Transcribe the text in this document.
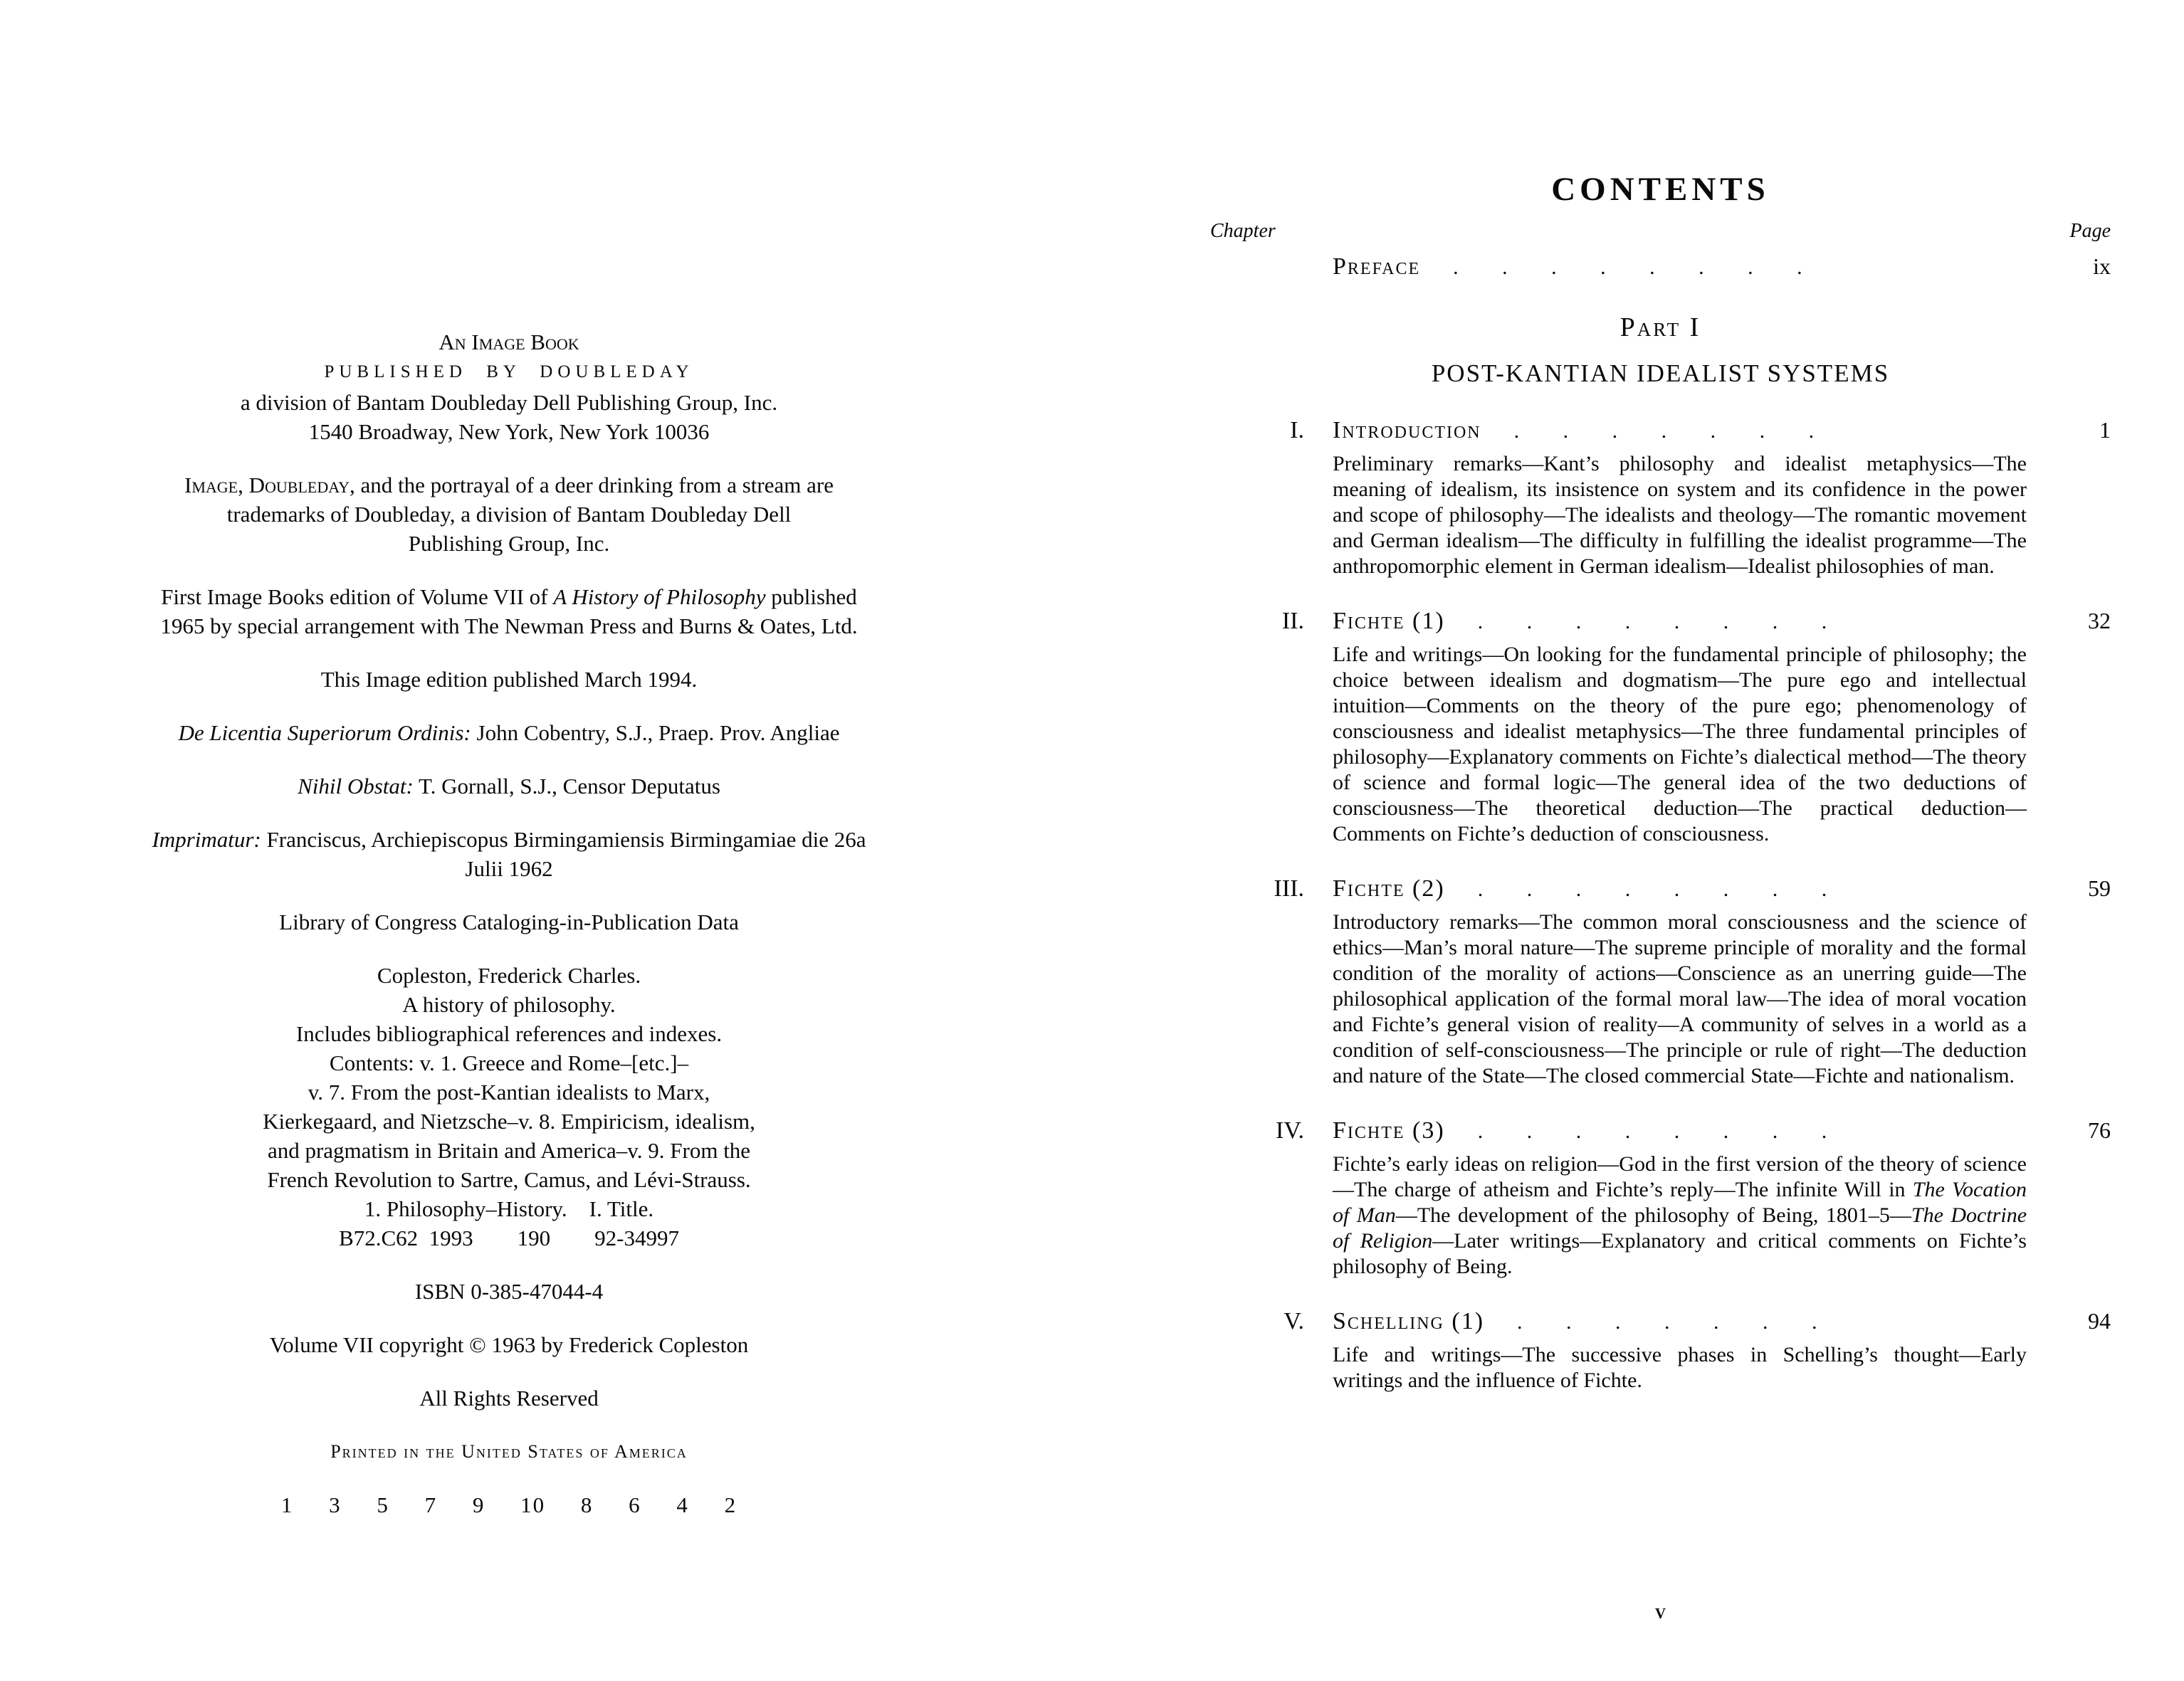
An Image Book
PUBLISHED BY DOUBLEDAY
a division of Bantam Doubleday Dell Publishing Group, Inc.
1540 Broadway, New York, New York 10036
Image, Doubleday, and the portrayal of a deer drinking from a stream are
trademarks of Doubleday, a division of Bantam Doubleday Dell
Publishing Group, Inc.
First Image Books edition of Volume VII of A History of Philosophy published
1965 by special arrangement with The Newman Press and Burns & Oates, Ltd.
This Image edition published March 1994.
De Licentia Superiorum Ordinis: John Cobentry, S.J., Praep. Prov. Angliae
Nihil Obstat: T. Gornall, S.J., Censor Deputatus
Imprimatur: Franciscus, Archiepiscopus Birmingamiensis Birmingamiae die 26a
Julii 1962
Library of Congress Cataloging-in-Publication Data
Copleston, Frederick Charles.
A history of philosophy.
Includes bibliographical references and indexes.
Contents: v. 1. Greece and Rome–[etc.]–
v. 7. From the post-Kantian idealists to Marx,
Kierkegaard, and Nietzsche–v. 8. Empiricism, idealism,
and pragmatism in Britain and America–v. 9. From the
French Revolution to Sartre, Camus, and Lévi-Strauss.
1. Philosophy–History. I. Title.
B72.C62 1993  190  92-34997
ISBN 0-385-47044-4
Volume VII copyright © 1963 by Frederick Copleston
All Rights Reserved
Printed in the United States of America
1 3 5 7 9 10 8 6 4 2
CONTENTS
Chapter	Page
Preface	. . . . . . . .	ix
Part I
POST-KANTIAN IDEALIST SYSTEMS
I. Introduction	. . . . . . .	1

Preliminary remarks—Kant’s philosophy and idealist metaphysics—The meaning of idealism, its insistence on system and its confidence in the power and scope of philosophy—The idealists and theology—The romantic movement and German idealism—The difficulty in fulfilling the idealist programme—The anthropomorphic element in German idealism—Idealist philosophies of man.

II. Fichte (1)	. . . . . . . .	32

Life and writings—On looking for the fundamental principle of philosophy; the choice between idealism and dogmatism—The pure ego and intellectual intuition—Comments on the theory of the pure ego; phenomenology of consciousness and idealist metaphysics—The three fundamental principles of philosophy—Explanatory comments on Fichte’s dialectical method—The theory of science and formal logic—The general idea of the two deductions of consciousness—The theoretical deduction—The practical deduction—Comments on Fichte’s deduction of consciousness.

III. Fichte (2)	. . . . . . . .	59

Introductory remarks—The common moral consciousness and the science of ethics—Man’s moral nature—The supreme principle of morality and the formal condition of the morality of actions—Conscience as an unerring guide—The philosophical application of the formal moral law—The idea of moral vocation and Fichte’s general vision of reality—A community of selves in a world as a condition of self-consciousness—The principle or rule of right—The deduction and nature of the State—The closed commercial State—Fichte and nationalism.

IV. Fichte (3)	. . . . . . . .	76

Fichte’s early ideas on religion—God in the first version of the theory of science—The charge of atheism and Fichte’s reply—The infinite Will in The Vocation of Man—The development of the philosophy of Being, 1801–5—The Doctrine of Religion—Later writings—Explanatory and critical comments on Fichte’s philosophy of Being.

V. Schelling (1)	. . . . . . .	94

Life and writings—The successive phases in Schelling’s thought—Early writings and the influence of Fichte.

v
